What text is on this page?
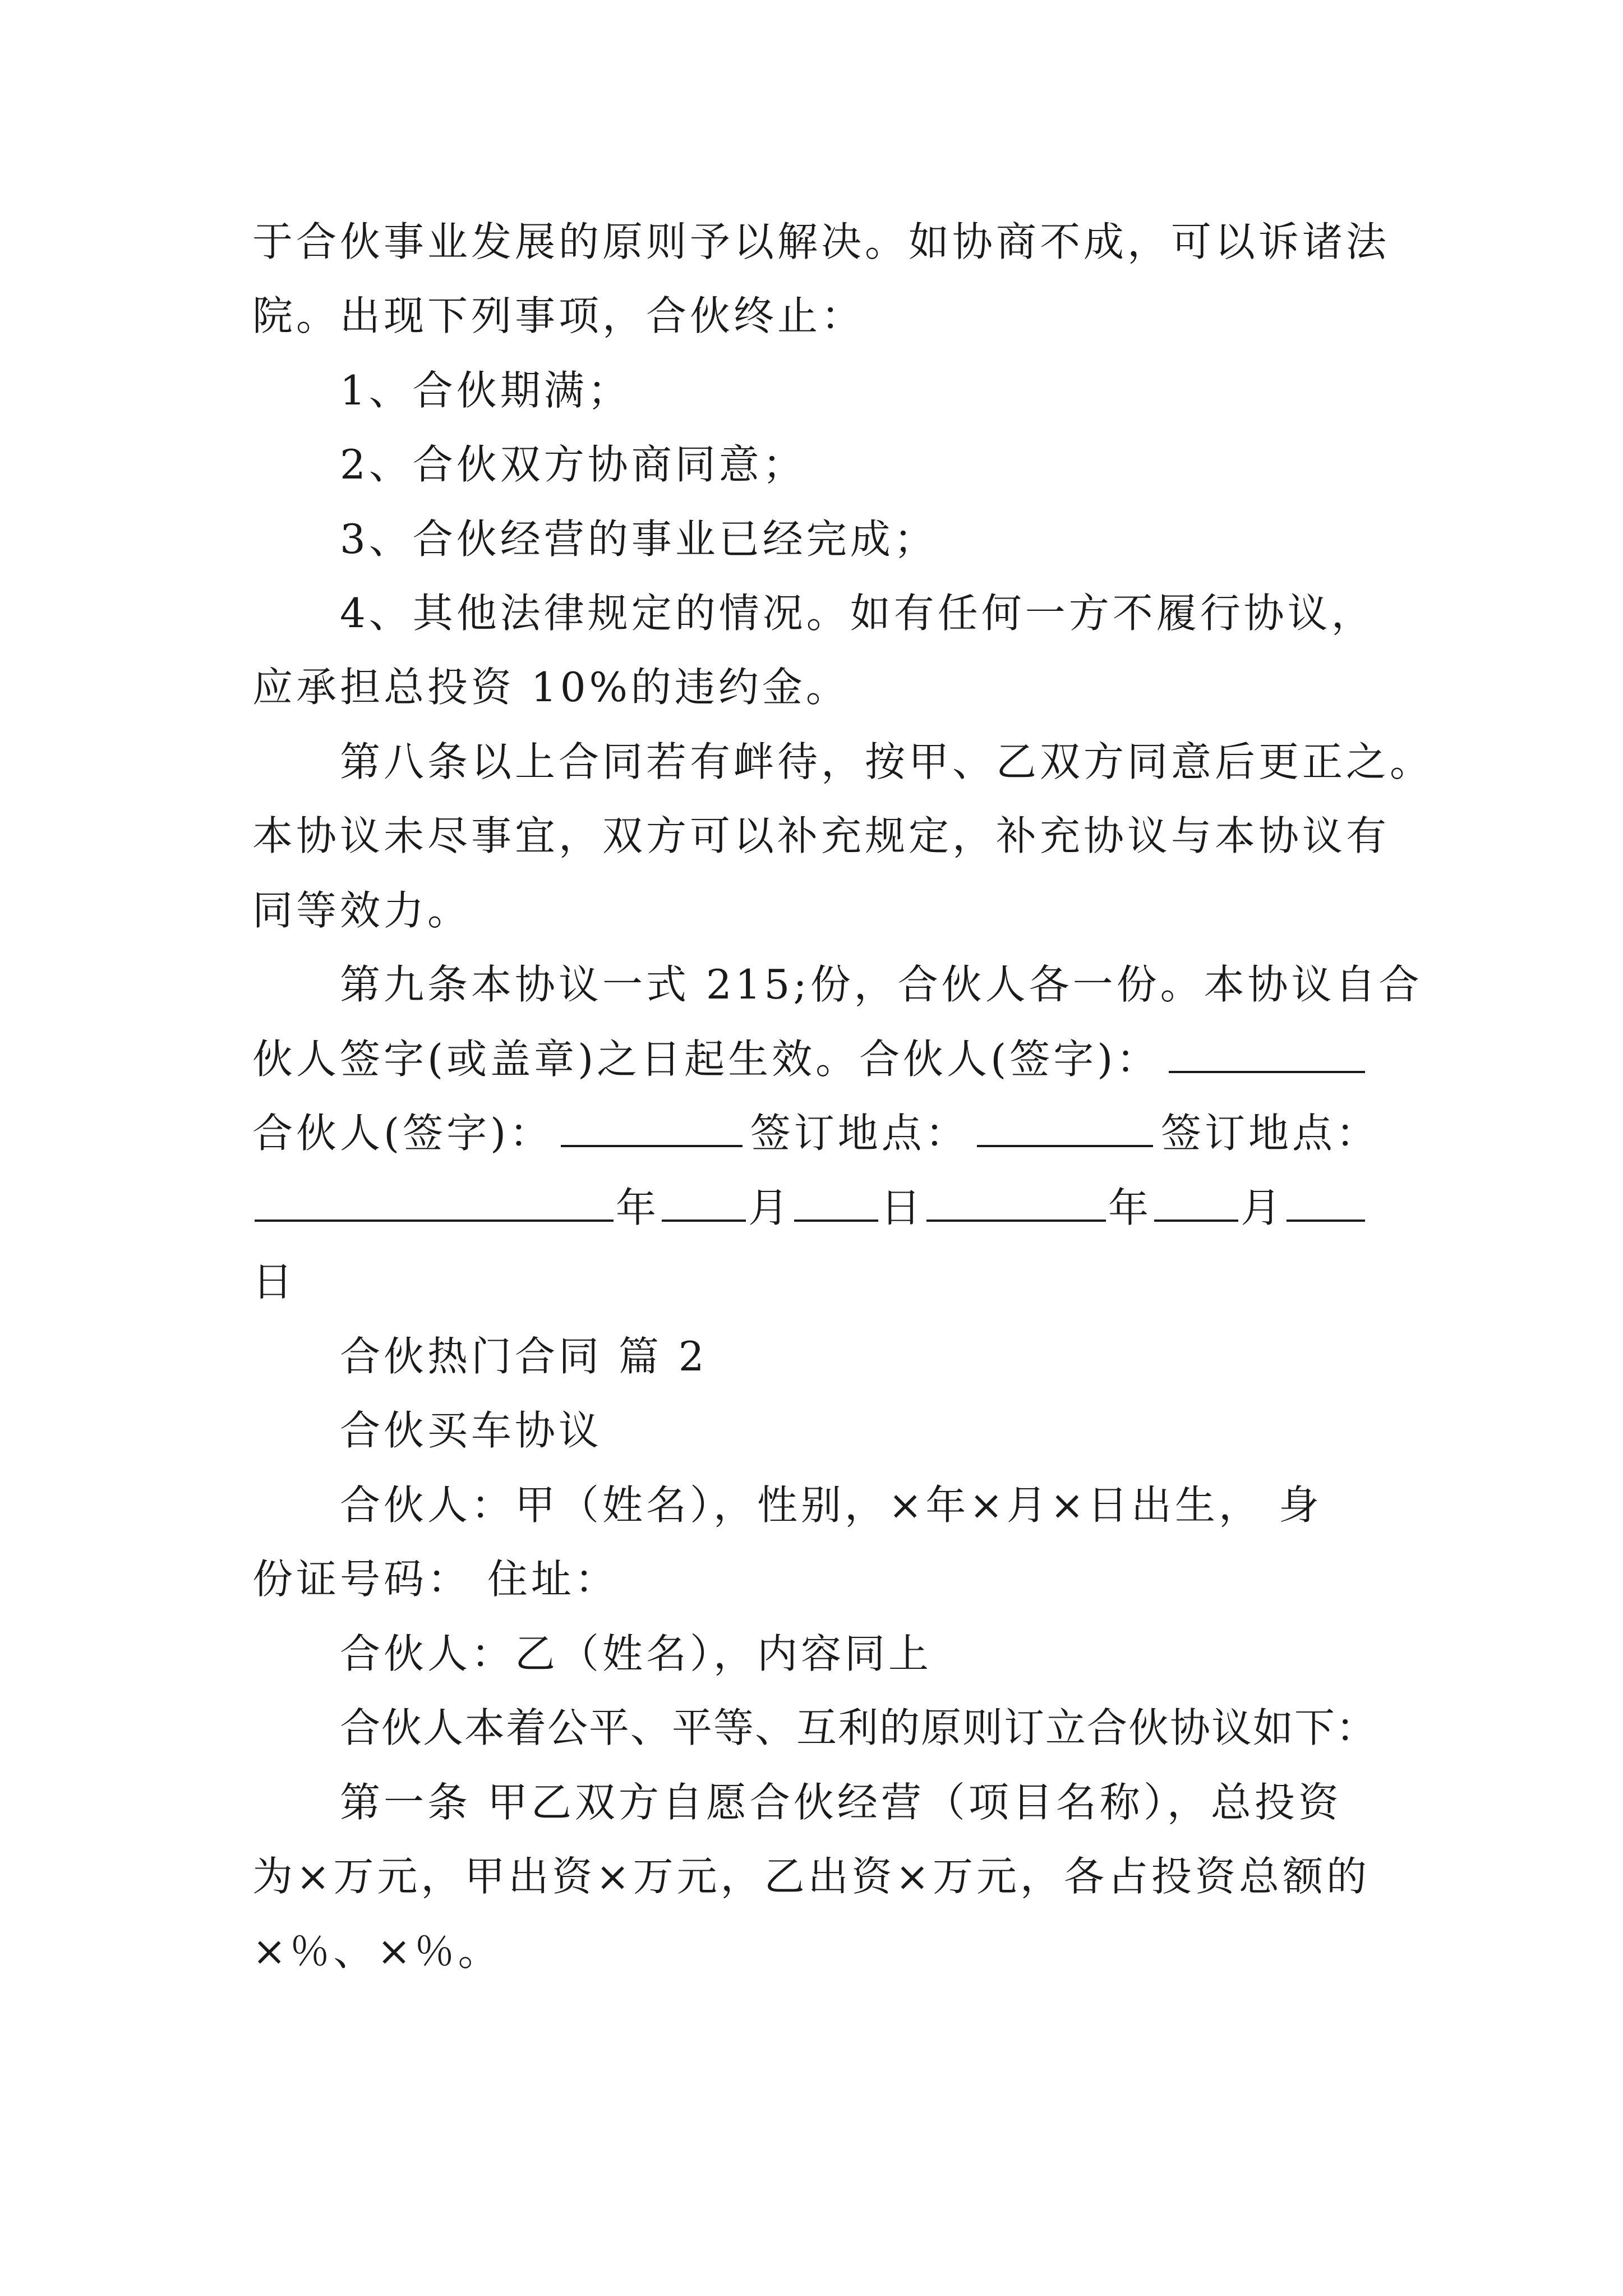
于合伙事业发展的原则予以解决。如协商不成，可以诉诸法
院。出现下列事项，合伙终止：
1、合伙期满；
2、合伙双方协商同意；
3、合伙经营的事业已经完成；
4、其他法律规定的情况。如有任何一方不履行协议，
应承担总投资 10%的违约金。
第八条以上合同若有衅待，按甲、乙双方同意后更正之。
本协议未尽事宜，双方可以补充规定，补充协议与本协议有
同等效力。
第九条本协议一式 215;份，合伙人各一份。本协议自合
伙人签字(或盖章)之日起生效。合伙人(签字)：
合伙人(签字)：	签订地点：	签订地点：
年 月 日	年 月
日
合伙热门合同 篇 2
合伙买车协议
合伙人：甲（姓名），性别，×年×月×日出生， 身
份证号码： 住址：
合伙人：乙（姓名），内容同上
合伙人本着公平、平等、互利的原则订立合伙协议如下：
第一条 甲乙双方自愿合伙经营（项目名称），总投资
为×万元，甲出资×万元，乙出资×万元，各占投资总额的
×％、×％。
